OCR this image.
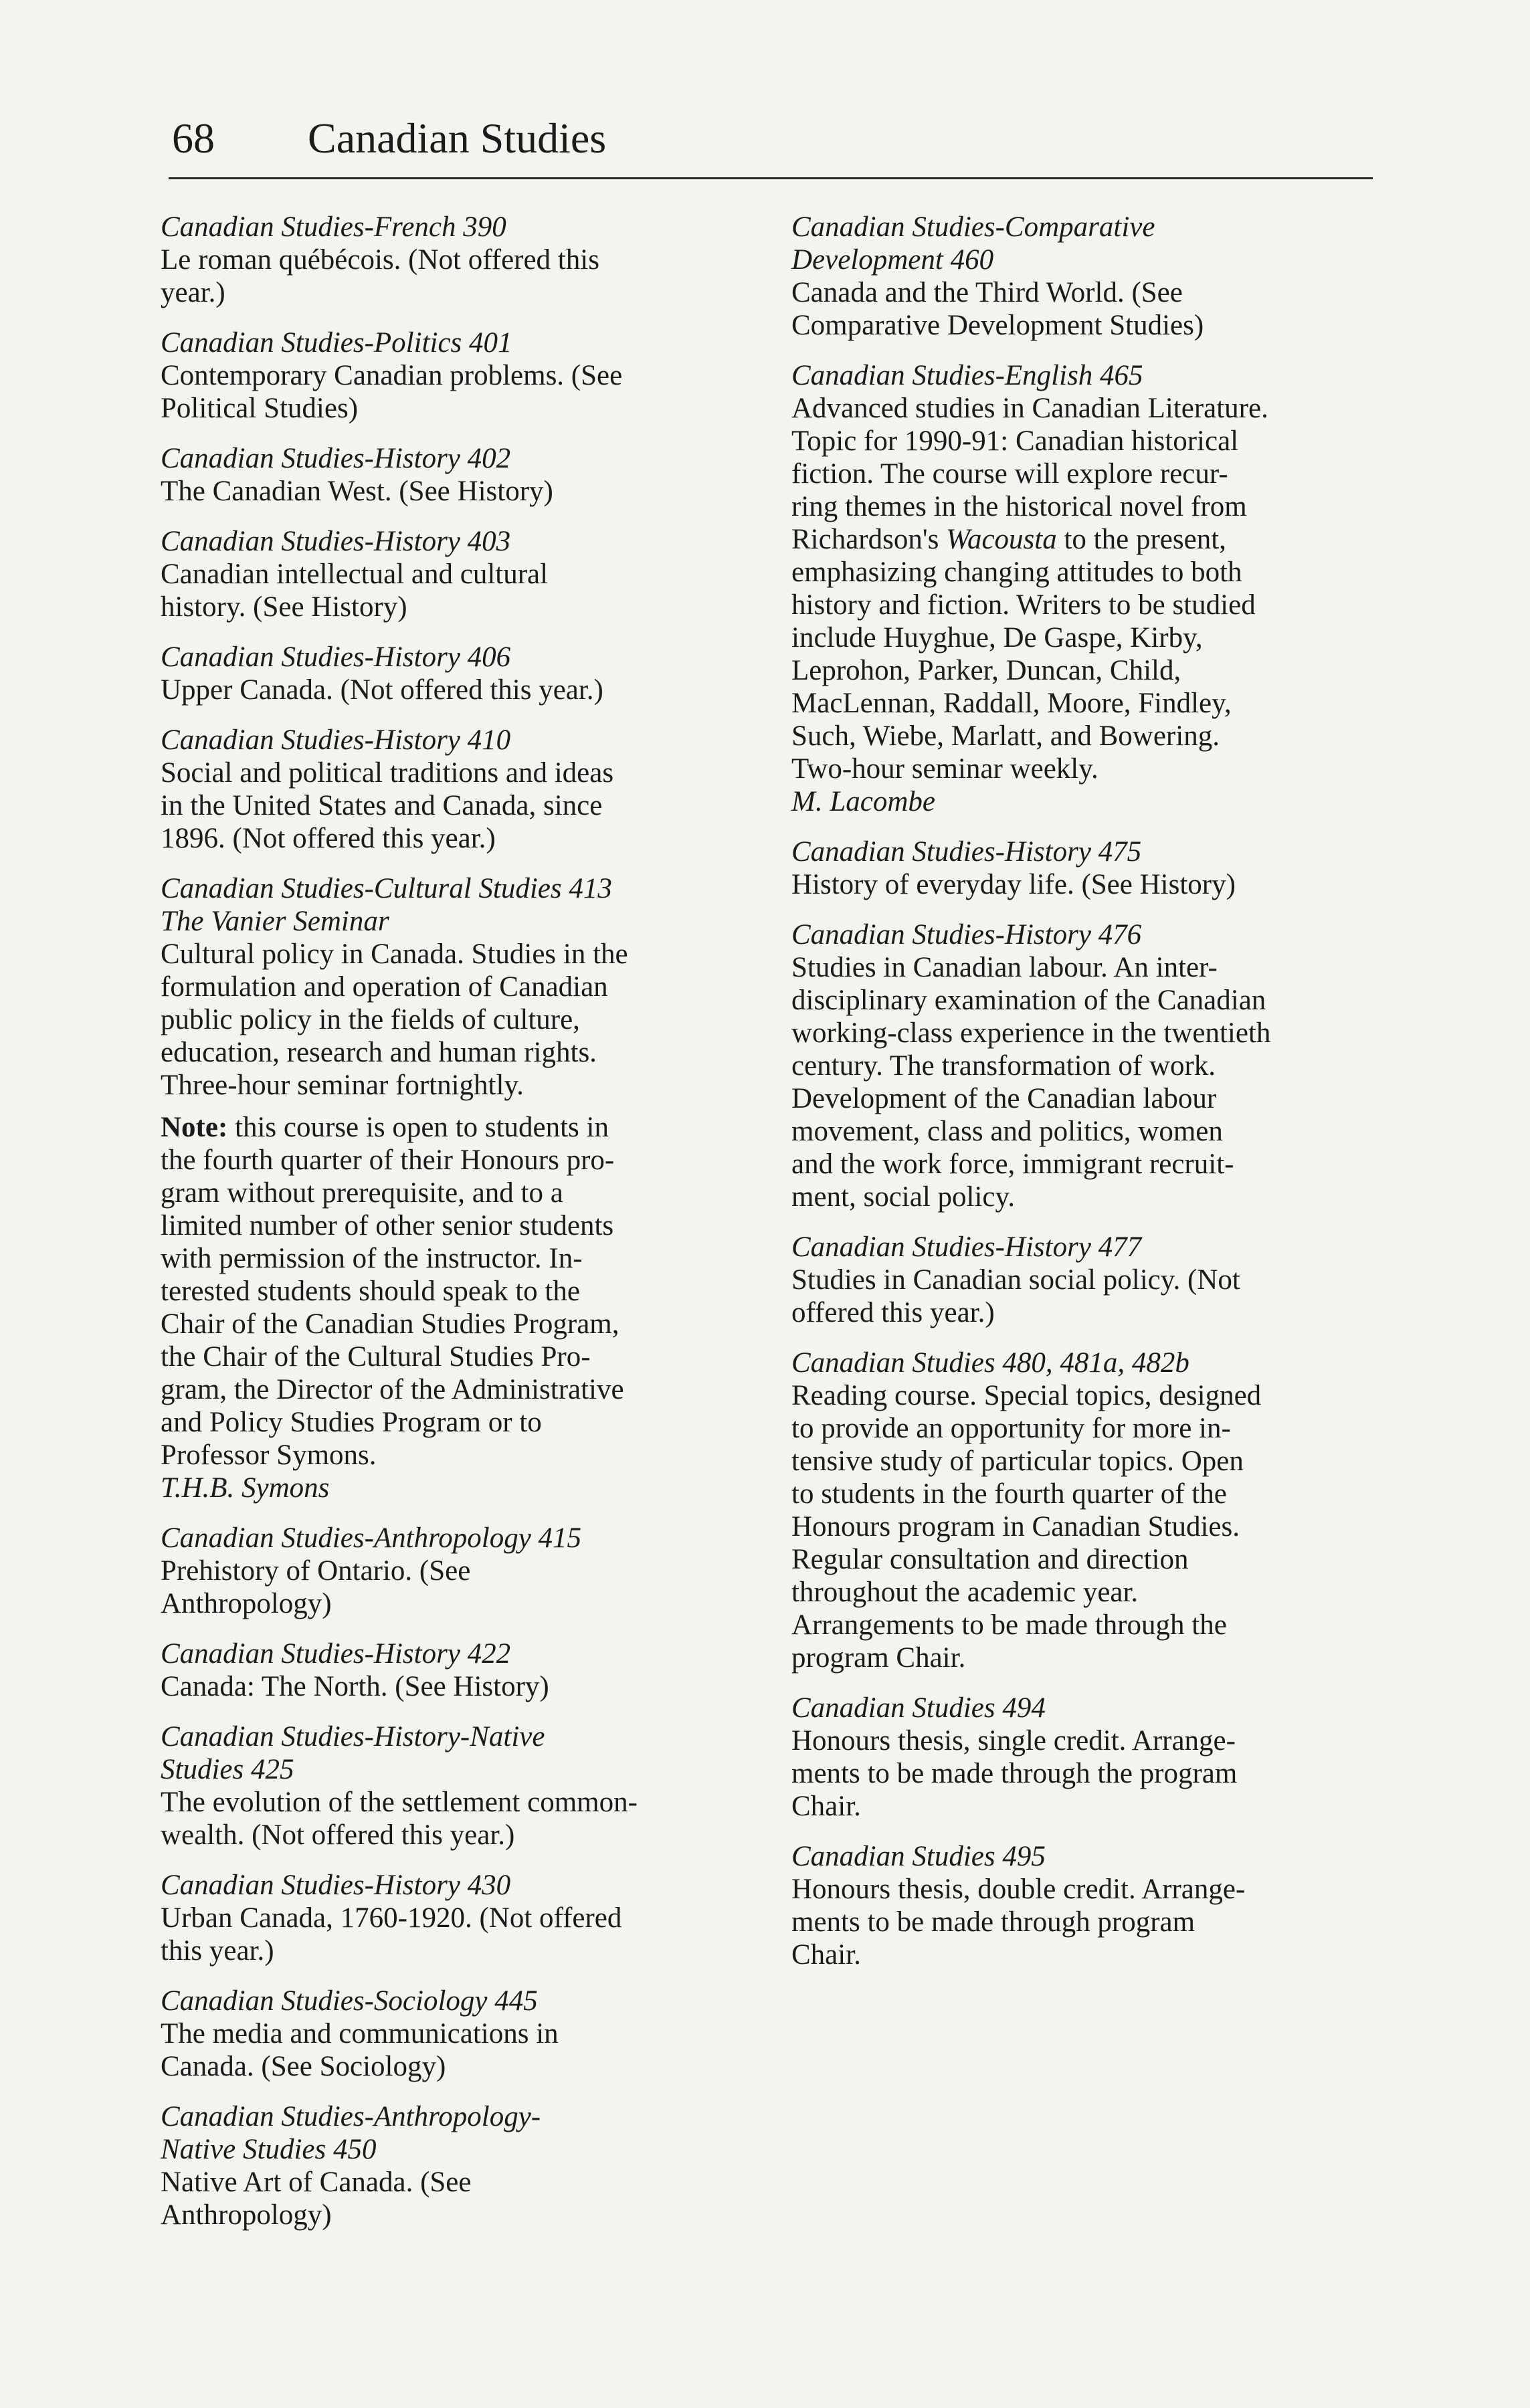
68 Canadian Studies
Canadian Studies-French 390
Le roman québécois. (Not offered this
year.)
Canadian Studies-Politics 401
Contemporary Canadian problems. (See
Political Studies)
Canadian Studies-History 402
The Canadian West. (See History)
Canadian Studies-History 403
Canadian intellectual and cultural
history. (See History)
Canadian Studies-History 406
Upper Canada. (Not offered this year.)
Canadian Studies-History 410
Social and political traditions and ideas
in the United States and Canada, since
1896. (Not offered this year.)
Canadian Studies-Cultural Studies 413
The Vanier Seminar
Cultural policy in Canada. Studies in the
formulation and operation of Canadian
public policy in the fields of culture,
education, research and human rights.
Three-hour seminar fortnightly.
Note: this course is open to students in
the fourth quarter of their Honours pro-
gram without prerequisite, and to a
limited number of other senior students
with permission of the instructor. In-
terested students should speak to the
Chair of the Canadian Studies Program,
the Chair of the Cultural Studies Pro-
gram, the Director of the Administrative
and Policy Studies Program or to
Professor Symons.
T.H.B. Symons
Canadian Studies-Anthropology 415
Prehistory of Ontario. (See
Anthropology)
Canadian Studies-History 422
Canada: The North. (See History)
Canadian Studies-History-Native
Studies 425
The evolution of the settlement common-
wealth. (Not offered this year.)
Canadian Studies-History 430
Urban Canada, 1760-1920. (Not offered
this year.)
Canadian Studies-Sociology 445
The media and communications in
Canada. (See Sociology)
Canadian Studies-Anthropology-
Native Studies 450
Native Art of Canada. (See
Anthropology)
Canadian Studies-Comparative
Development 460
Canada and the Third World. (See
Comparative Development Studies)
Canadian Studies-English 465
Advanced studies in Canadian Literature.
Topic for 1990-91: Canadian historical
fiction. The course will explore recur-
ring themes in the historical novel from
Richardson's Wacousta to the present,
emphasizing changing attitudes to both
history and fiction. Writers to be studied
include Huyghue, De Gaspe, Kirby,
Leprohon, Parker, Duncan, Child,
MacLennan, Raddall, Moore, Findley,
Such, Wiebe, Marlatt, and Bowering.
Two-hour seminar weekly.
M. Lacombe
Canadian Studies-History 475
History of everyday life. (See History)
Canadian Studies-History 476
Studies in Canadian labour. An inter-
disciplinary examination of the Canadian
working-class experience in the twentieth
century. The transformation of work.
Development of the Canadian labour
movement, class and politics, women
and the work force, immigrant recruit-
ment, social policy.
Canadian Studies-History 477
Studies in Canadian social policy. (Not
offered this year.)
Canadian Studies 480, 481a, 482b
Reading course. Special topics, designed
to provide an opportunity for more in-
tensive study of particular topics. Open
to students in the fourth quarter of the
Honours program in Canadian Studies.
Regular consultation and direction
throughout the academic year.
Arrangements to be made through the
program Chair.
Canadian Studies 494
Honours thesis, single credit. Arrange-
ments to be made through the program
Chair.
Canadian Studies 495
Honours thesis, double credit. Arrange-
ments to be made through program
Chair.
